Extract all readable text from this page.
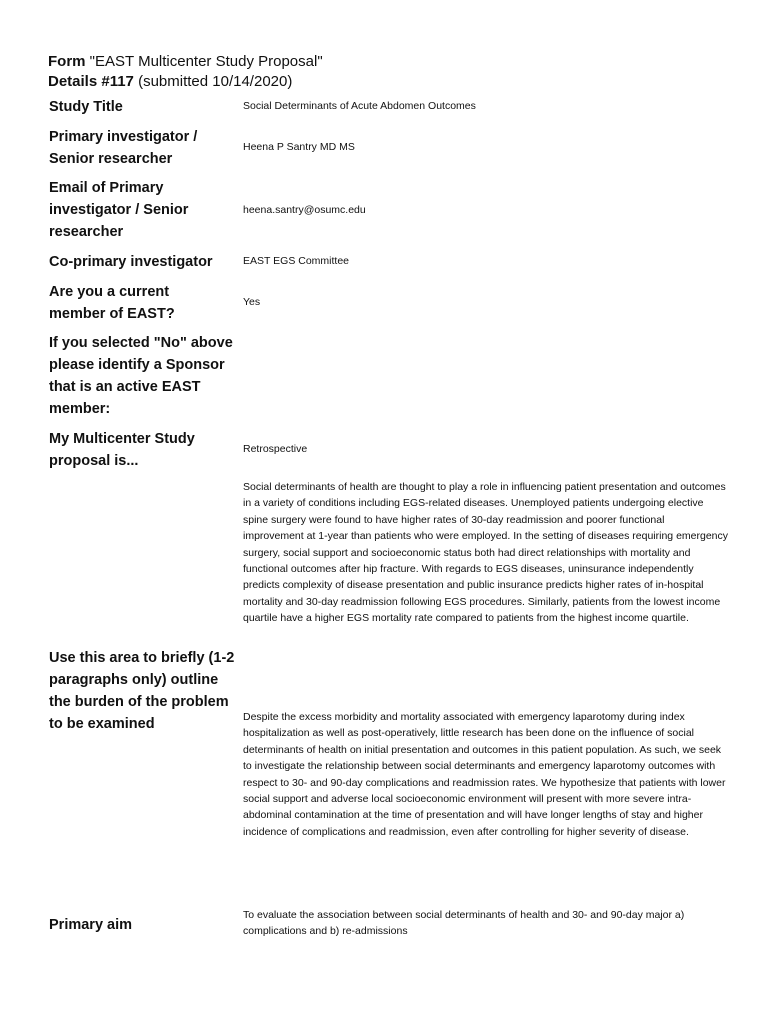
Form "EAST Multicenter Study Proposal"
Details #117 (submitted 10/14/2020)
Study Title	Social Determinants of Acute Abdomen Outcomes
Primary investigator / Senior researcher
Heena P Santry MD MS
Email of Primary investigator / Senior researcher
heena.santry@osumc.edu
Co-primary investigator	EAST EGS Committee
Are you a current member of EAST?
Yes
If you selected "No" above please identify a Sponsor that is an active EAST member:
My Multicenter Study proposal is...
Retrospective
Use this area to briefly (1-2 paragraphs only) outline the burden of the problem to be examined
Social determinants of health are thought to play a role in influencing patient presentation and outcomes in a variety of conditions including EGS-related diseases. Unemployed patients undergoing elective spine surgery were found to have higher rates of 30-day readmission and poorer functional improvement at 1-year than patients who were employed. In the setting of diseases requiring emergency surgery, social support and socioeconomic status both had direct relationships with mortality and functional outcomes after hip fracture. With regards to EGS diseases, uninsurance independently predicts complexity of disease presentation and public insurance predicts higher rates of in-hospital mortality and 30-day readmission following EGS procedures. Similarly, patients from the lowest income quartile have a higher EGS mortality rate compared to patients from the highest income quartile.
Despite the excess morbidity and mortality associated with emergency laparotomy during index hospitalization as well as post-operatively, little research has been done on the influence of social determinants of health on initial presentation and outcomes in this patient population. As such, we seek to investigate the relationship between social determinants and emergency laparotomy outcomes with respect to 30- and 90-day complications and readmission rates. We hypothesize that patients with lower social support and adverse local socioeconomic environment will present with more severe intra-abdominal contamination at the time of presentation and will have longer lengths of stay and higher incidence of complications and readmission, even after controlling for higher severity of disease.
Primary aim
To evaluate the association between social determinants of health and 30- and 90-day major a) complications and b) re-admissions
